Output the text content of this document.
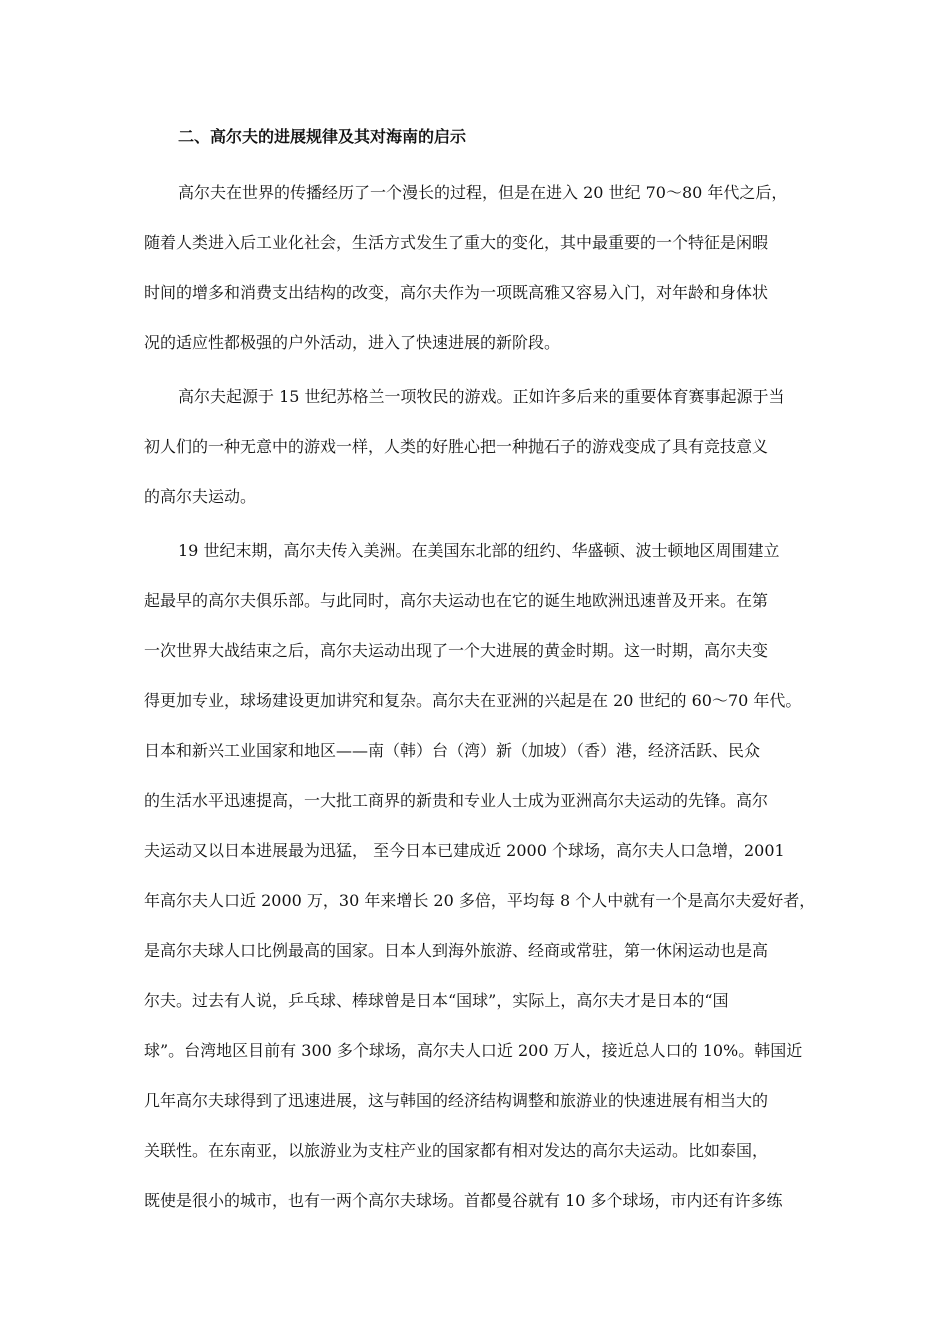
二、高尔夫的进展规律及其对海南的启示
高尔夫在世界的传播经历了一个漫长的过程，但是在进入 20 世纪 70～80 年代之后，
随着人类进入后工业化社会，生活方式发生了重大的变化，其中最重要的一个特征是闲暇
时间的增多和消费支出结构的改变，高尔夫作为一项既高雅又容易入门，对年龄和身体状
况的适应性都极强的户外活动，进入了快速进展的新阶段。
高尔夫起源于 15 世纪苏格兰一项牧民的游戏。正如许多后来的重要体育赛事起源于当
初人们的一种无意中的游戏一样，人类的好胜心把一种抛石子的游戏变成了具有竞技意义
的高尔夫运动。
19 世纪末期，高尔夫传入美洲。在美国东北部的纽约、华盛顿、波士顿地区周围建立
起最早的高尔夫俱乐部。与此同时，高尔夫运动也在它的诞生地欧洲迅速普及开来。在第
一次世界大战结束之后，高尔夫运动出现了一个大进展的黄金时期。这一时期，高尔夫变
得更加专业，球场建设更加讲究和复杂。高尔夫在亚洲的兴起是在 20 世纪的 60～70 年代。
日本和新兴工业国家和地区——南（韩）台（湾）新（加坡）（香）港，经济活跃、民众
的生活水平迅速提高，一大批工商界的新贵和专业人士成为亚洲高尔夫运动的先锋。高尔
夫运动又以日本进展最为迅猛， 至今日本已建成近 2000 个球场，高尔夫人口急增，2001
年高尔夫人口近 2000 万，30 年来增长 20 多倍，平均每 8 个人中就有一个是高尔夫爱好者，
是高尔夫球人口比例最高的国家。日本人到海外旅游、经商或常驻，第一休闲运动也是高
尔夫。过去有人说，乒乓球、棒球曾是日本“国球”，实际上，高尔夫才是日本的“国
球”。台湾地区目前有 300 多个球场，高尔夫人口近 200 万人，接近总人口的 10%。韩国近
几年高尔夫球得到了迅速进展，这与韩国的经济结构调整和旅游业的快速进展有相当大的
关联性。在东南亚，以旅游业为支柱产业的国家都有相对发达的高尔夫运动。比如泰国，
既使是很小的城市，也有一两个高尔夫球场。首都曼谷就有 10 多个球场，市内还有许多练
